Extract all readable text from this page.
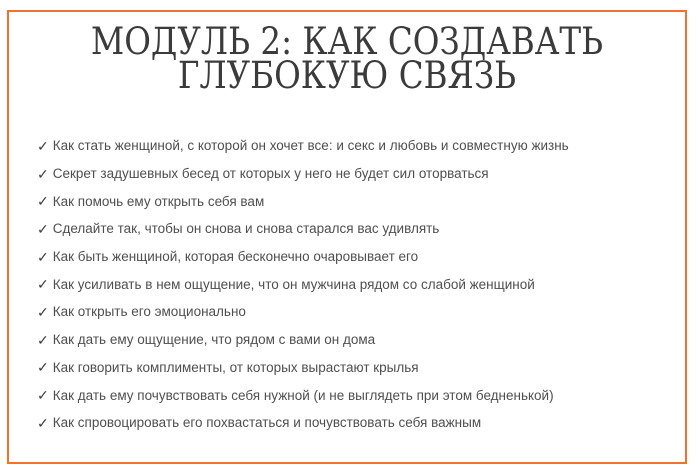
МОДУЛЬ 2: КАК СОЗДАВАТЬ
ГЛУБОКУЮ СВЯЗЬ
✓ Как стать женщиной, с которой он хочет все: и секс и любовь и совместную жизнь
✓ Секрет задушевных бесед от которых у него не будет сил оторваться
✓ Как помочь ему открыть себя вам
✓ Сделайте так, чтобы он снова и снова старался вас удивлять
✓ Как быть женщиной, которая бесконечно очаровывает его
✓ Как усиливать в нем ощущение, что он мужчина рядом со слабой женщиной
✓ Как открыть его эмоционально
✓ Как дать ему ощущение, что рядом с вами он дома
✓ Как говорить комплименты, от которых вырастают крылья
✓ Как дать ему почувствовать себя нужной (и не выглядеть при этом бедненькой)
✓ Как спровоцировать его похвастаться и почувствовать себя важным
